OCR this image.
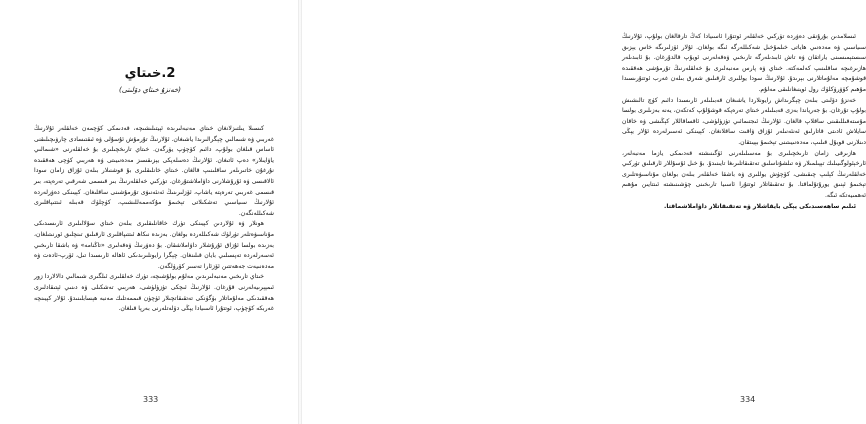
2.خىتاي
(خەنزۇ خىتاي دۆلىتى)

كىسىلا يىلتىزلانغان خىتاي مەنبەلىرىدە ئېيتىلىشىچە، قەدىمكى كۆچمەن خەلقلەر ئۇلارنىڭ غەربىي ۋە شىمالىي چېگرالىرىدا ياشىغان. ئۇلارنىڭ تۇرمۇش ئۇسۇلى ۋە ئىقتىسادى چارۋىچىلىقنى ئاساس قىلغان بولۇپ، دائىم كۆچۈپ يۈرگەن. خىتاي تارىخچىلىرى بۇ خەلقلەرنى «شىمالىي ياۋايىلار» دەپ ئاتىغان. ئۇلارنىڭ دەسلەپكى يېزىقسىز مەدەنىيىتى ۋە ھەربىي كۈچى ھەققىدە نۇرغۇن خاتىرىلەر ساقلىنىپ قالغان. خىتاي خانلىقلىرى بۇ قوشنىلار بىلەن ئۇزاق زامان سودا ئالاقىسى ۋە ئۇرۇشلارنى داۋاملاشتۇرغان. تۈركىي خەلقلەرنىڭ بىر قىسمى شەرقىي تەرەپتە، بىر قىسمى غەربىي تەرەپتە ياشاپ، ئۆزلىرىنىڭ ئەنئەنىۋى تۇرمۇشىنى ساقلىغان. كېيىنكى دەۋرلەردە ئۇلارنىڭ سىياسىي تەشكىلاتى تېخىمۇ مۇكەممەللىشىپ، كۈچلۈك قەبىلە ئىتتىپاقلىرى شەكىللەنگەن.

ھونلار ۋە ئۇلاردىن كېيىنكى تۈرك خاقانلىقلىرى بىلەن خىتاي سۇلالىلىرى ئارىسىدىكى مۇناسىۋەتلەر تۈرلۈك شەكىللەردە بولغان. بەزىدە نىكاھ ئىتتىپاقلىرى ئارقىلىق تىنچلىق ئورنىتىلغان، بەزىدە بولسا ئۇزاق ئۇرۇشلار داۋاملاشقان. بۇ دەۋرنىڭ ۋەقەلىرى «تاڭنامە» ۋە باشقا تارىخىي ئەسەرلەردە تەپسىلىي بايان قىلىنغان. چېگرا رايونلىرىدىكى ئاھالە ئارىسىدا تىل، ئۆرپ-ئادەت ۋە مەدەنىيەت جەھەتتىن ئۆزئارا تەسىر كۆرۈلگەن.

خىتاي تارىخىي مەنبەلىرىدىن مەلۇم بولۇشىچە، تۈرك خەلقلىرى ئىلگىرى شىمالىي دالالاردا زور ئىمپېرىيەلەرنى قۇرغان. ئۇلارنىڭ ئىچكى تۈزۈلۈشى، ھەربىي تەشكىلى ۋە دىنىي ئېتىقادلىرى ھەققىدىكى مەلۇماتلار بۈگۈنكى تەتقىقاتچىلار ئۈچۈن قىممەتلىك مەنبە ھېسابلىنىدۇ. ئۇلار كېيىنچە غەربكە كۆچۈپ، ئوتتۇرا ئاسىيادا يېڭى دۆلەتلەرنى بەرپا قىلغان.

333

ئىسلامدىن بۇرۇنقى دەۋردە تۈركىي خەلقلەر ئوتتۇرا ئاسىيادا كەڭ تارقالغان بولۇپ، ئۇلارنىڭ سىياسىي ۋە مەدەنىي ھاياتى خىلمۇخىل شەكىللەرگە ئىگە بولغان. ئۇلار ئۆزلىرىگە خاس يېزىق سىستېمىسىنى ياراتقان ۋە تاش ئابىدىلەرگە تارىخىي ۋەقەلەرنى ئويۇپ قالدۇرغان. بۇ ئابىدىلەر ھازىرغىچە ساقلىنىپ كەلمەكتە. خىتاي ۋە پارس مەنبەلىرى بۇ خەلقلەرنىڭ تۇرمۇشى ھەققىدە قوشۇمچە مەلۇماتلارنى بېرىدۇ. ئۇلارنىڭ سودا يوللىرى ئارقىلىق شەرق بىلەن غەرب ئوتتۇرىسىدا مۇھىم كۆۋرۈكلۈك رول ئوينىغانلىقى مەلۇم.

خەنزۇ دۆلىتى بىلەن چېگرىداش رايونلاردا ياشىغان قەبىلىلەر ئارىسىدا دائىم كۈچ تالىشىش بولۇپ تۇرغان. بۇ جەرياندا بەزى قەبىلىلەر خىتاي تەرەپكە قوشۇلۇپ كەتكەن، يەنە بەزىلىرى بولسا مۇستەقىللىقىنى ساقلاپ قالغان. ئۇلارنىڭ ئىجتىمائىي تۈزۈلۈشى، ئاقساقاللار كېڭىشى ۋە خاقان سايلاش ئادىتى قاتارلىق ئەنئەنىلەر ئۇزاق ۋاقىت ساقلانغان. كېيىنكى ئەسىرلەردە ئۇلار يېڭى دىنلارنى قوبۇل قىلىپ، مەدەنىيىتىنى تېخىمۇ بېيىتقان.

ھازىرقى زامان تارىخچىلىرى بۇ مەسىلىلەرنى ئۆگىنىشتە قەدىمكى يازما مەنبەلەر، ئارخېئولوگىيىلىك تېپىلمىلار ۋە تىلشۇناسلىق تەتقىقاتلىرىغا تايىنىدۇ. بۇ خىل ئۇسۇللار ئارقىلىق تۈركىي خەلقلەرنىڭ كېلىپ چىقىشى، كۆچۈش يوللىرى ۋە باشقا خەلقلەر بىلەن بولغان مۇناسىۋەتلىرى تېخىمۇ ئېنىق يورۇتۇلماقتا. بۇ تەتقىقاتلار ئوتتۇرا ئاسىيا تارىخىنى چۈشىنىشتە ئىنتايىن مۇھىم ئەھمىيەتكە ئىگە.

ئىلىم ساھەسىدىكى يېڭى بايقاشلار ۋە تەتقىقاتلار داۋاملاشماقتا.

334
